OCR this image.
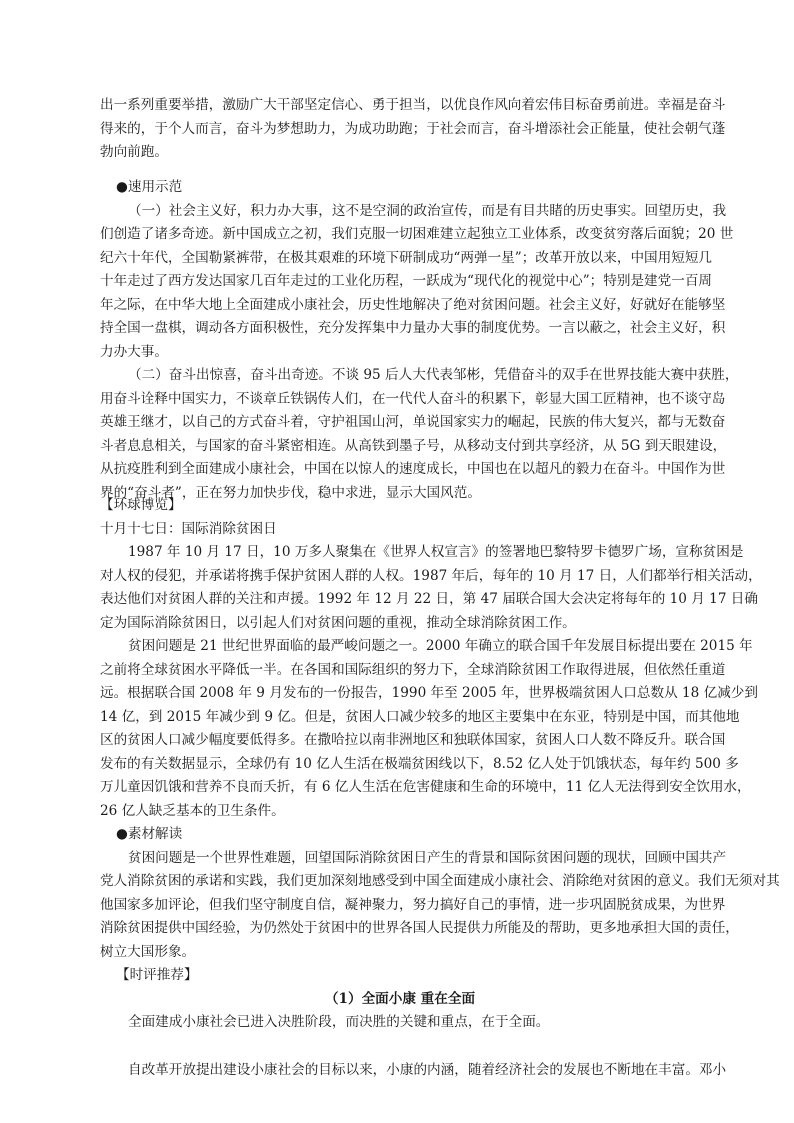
出一系列重要举措，激励广大干部坚定信心、勇于担当，以优良作风向着宏伟目标奋勇前进。幸福是奋斗
得来的，于个人而言，奋斗为梦想助力，为成功助跑；于社会而言，奋斗增添社会正能量，使社会朝气蓬
勃向前跑。
●速用示范
（一）社会主义好，积力办大事，这不是空洞的政治宣传，而是有目共睹的历史事实。回望历史，我
们创造了诸多奇迹。新中国成立之初，我们克服一切困难建立起独立工业体系，改变贫穷落后面貌；20 世
纪六十年代，全国勒紧裤带，在极其艰难的环境下研制成功“两弹一星”；改革开放以来，中国用短短几
十年走过了西方发达国家几百年走过的工业化历程，一跃成为“现代化的视觉中心”；特别是建党一百周
年之际，在中华大地上全面建成小康社会，历史性地解决了绝对贫困问题。社会主义好，好就好在能够坚
持全国一盘棋，调动各方面积极性，充分发挥集中力量办大事的制度优势。一言以蔽之，社会主义好，积
力办大事。
（二）奋斗出惊喜，奋斗出奇迹。不谈 95 后人大代表邹彬，凭借奋斗的双手在世界技能大赛中获胜，
用奋斗诠释中国实力，不谈章丘铁锅传人们，在一代代人奋斗的积累下，彰显大国工匠精神，也不谈守岛
英雄王继才，以自己的方式奋斗着，守护祖国山河，单说国家实力的崛起，民族的伟大复兴，都与无数奋
斗者息息相关，与国家的奋斗紧密相连。从高铁到墨子号，从移动支付到共享经济，从 5G 到天眼建设，
从抗疫胜利到全面建成小康社会，中国在以惊人的速度成长，中国也在以超凡的毅力在奋斗。中国作为世
界的“奋斗者”，正在努力加快步伐，稳中求进，显示大国风范。
【环球博览】
十月十七日：国际消除贫困日
1987 年 10 月 17 日，10 万多人聚集在《世界人权宣言》的签署地巴黎特罗卡德罗广场，宣称贫困是
对人权的侵犯，并承诺将携手保护贫困人群的人权。1987 年后，每年的 10 月 17 日，人们都举行相关活动，
表达他们对贫困人群的关注和声援。1992 年 12 月 22 日，第 47 届联合国大会决定将每年的 10 月 17 日确
定为国际消除贫困日，以引起人们对贫困问题的重视，推动全球消除贫困工作。
贫困问题是 21 世纪世界面临的最严峻问题之一。2000 年确立的联合国千年发展目标提出要在 2015 年
之前将全球贫困水平降低一半。在各国和国际组织的努力下，全球消除贫困工作取得进展，但依然任重道
远。根据联合国 2008 年 9 月发布的一份报告，1990 年至 2005 年，世界极端贫困人口总数从 18 亿减少到
14 亿，到 2015 年减少到 9 亿。但是，贫困人口减少较多的地区主要集中在东亚，特别是中国，而其他地
区的贫困人口减少幅度要低得多。在撒哈拉以南非洲地区和独联体国家，贫困人口人数不降反升。联合国
发布的有关数据显示，全球仍有 10 亿人生活在极端贫困线以下，8.52 亿人处于饥饿状态，每年约 500 多
万儿童因饥饿和营养不良而夭折，有 6 亿人生活在危害健康和生命的环境中，11 亿人无法得到安全饮用水，
26 亿人缺乏基本的卫生条件。
●素材解读
贫困问题是一个世界性难题，回望国际消除贫困日产生的背景和国际贫困问题的现状，回顾中国共产
党人消除贫困的承诺和实践，我们更加深刻地感受到中国全面建成小康社会、消除绝对贫困的意义。我们无须对其
他国家多加评论，但我们坚守制度自信，凝神聚力，努力搞好自己的事情，进一步巩固脱贫成果，为世界
消除贫困提供中国经验，为仍然处于贫困中的世界各国人民提供力所能及的帮助，更多地承担大国的责任，
树立大国形象。
【时评推荐】
（1）全面小康 重在全面
全面建成小康社会已进入决胜阶段，而决胜的关键和重点，在于全面。
自改革开放提出建设小康社会的目标以来，小康的内涵，随着经济社会的发展也不断地在丰富。邓小
